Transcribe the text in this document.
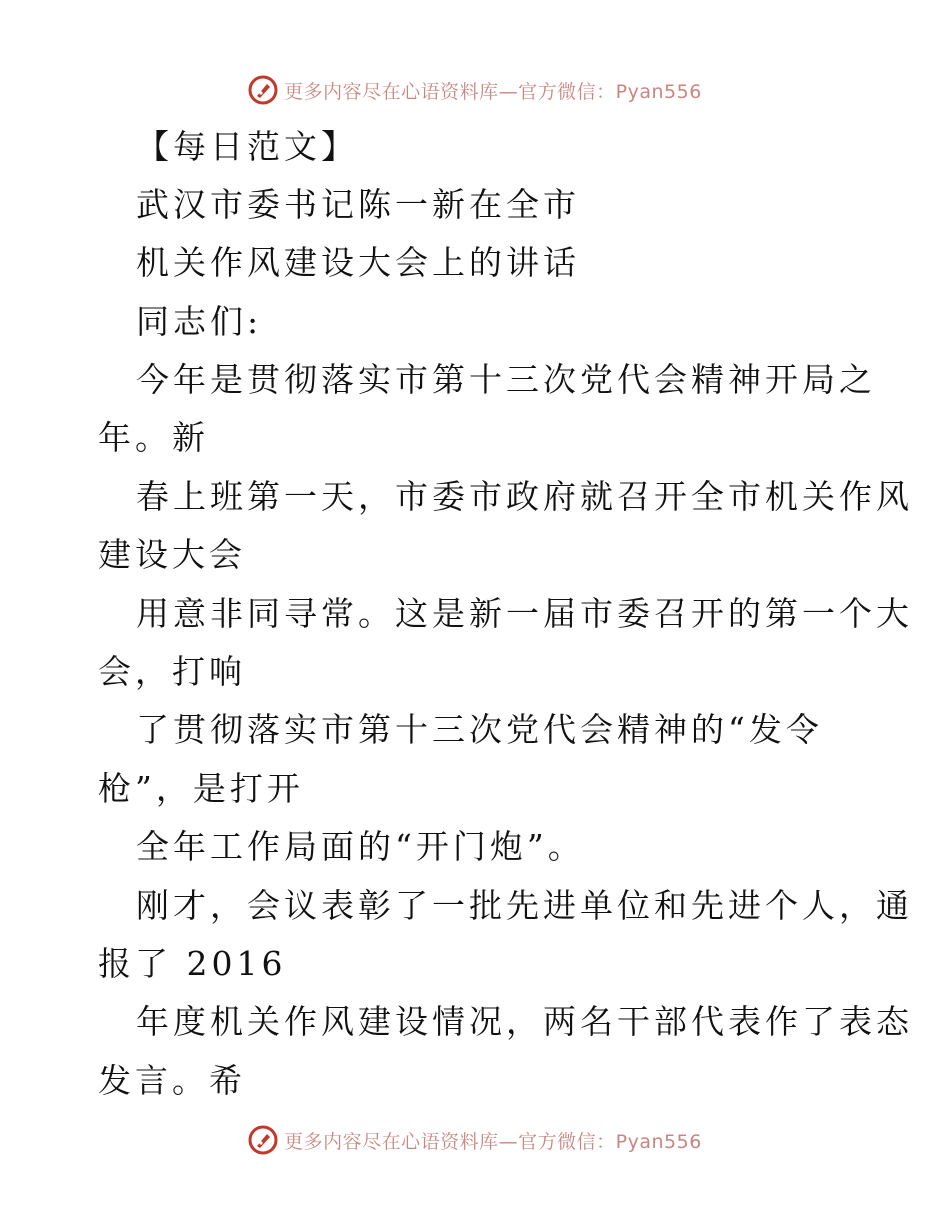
更多内容尽在心语资料库—官方微信：Pyan556
【每日范文】
武汉市委书记陈一新在全市
机关作风建设大会上的讲话
同志们:
今年是贯彻落实市第十三次党代会精神开局之
年。新
春上班第一天，市委市政府就召开全市机关作风
建设大会
用意非同寻常。这是新一届市委召开的第一个大
会，打响
了贯彻落实市第十三次党代会精神的“发令
枪”，是打开
全年工作局面的“开门炮”。
刚才，会议表彰了一批先进单位和先进个人，通
报了 2016
年度机关作风建设情况，两名干部代表作了表态
发言。希
更多内容尽在心语资料库—官方微信：Pyan556
